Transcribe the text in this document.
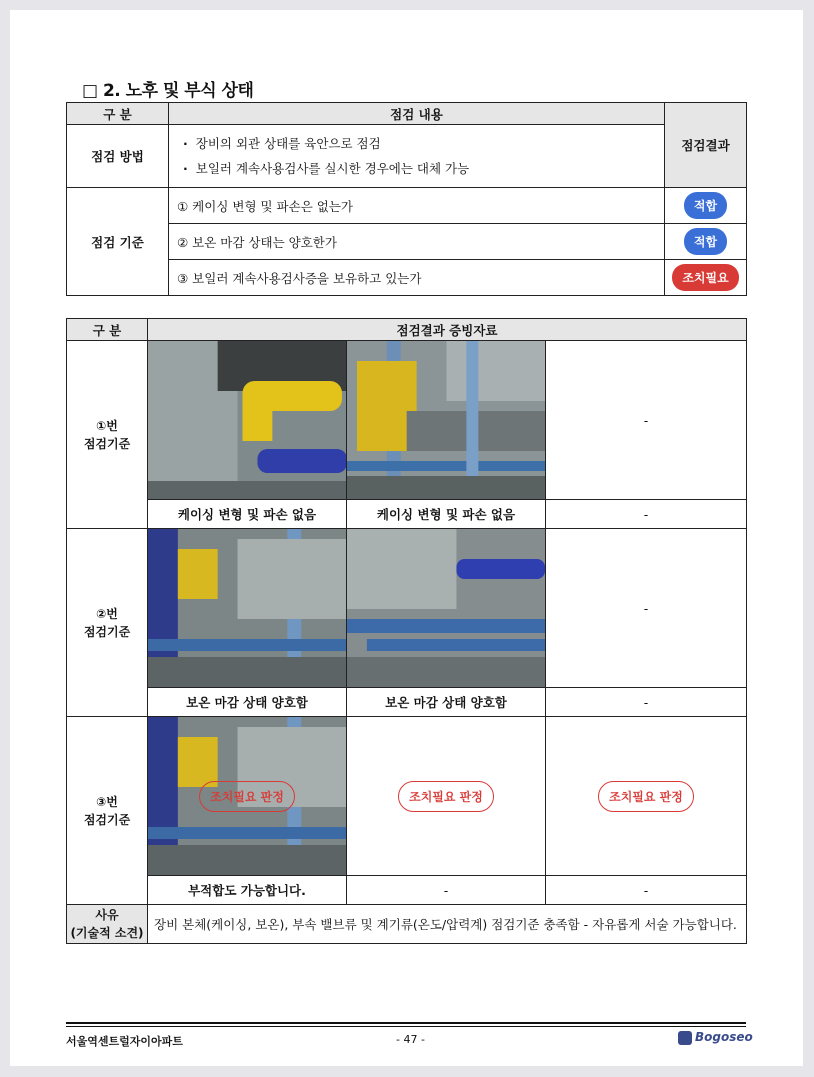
□ 2. 노후 및 부식 상태
구 분	점검 내용	점검결과
점검 방법	· 장비의 외관 상태를 육안으로 점검
· 보일러 계속사용검사를 실시한 경우에는 대체 가능

점검 기준	① 케이싱 변형 및 파손은 없는가	적합
	② 보온 마감 상태는 양호한가	적합
	③ 보일러 계속사용검사증을 보유하고 있는가	조치필요
구 분	점검결과 증빙자료		

①번
점검기준			-
	케이싱 변형 및 파손 없음	케이싱 변형 및 파손 없음	-

②번
점검기준			-
	보온 마감 상태 양호함	보온 마감 상태 양호함	-

③번
점검기준	조치필요 판정	조치필요 판정	조치필요 판정
	부적합도 가능합니다.	-	-

사유
(기술적 소견)	장비 본체(케이싱, 보온), 부속 밸브류 및 계기류(온도/압력계) 점검기준 충족함 - 자유롭게 서술 가능합니다.		
서울역센트럴자이아파트	- 47 -	Bogoseo
